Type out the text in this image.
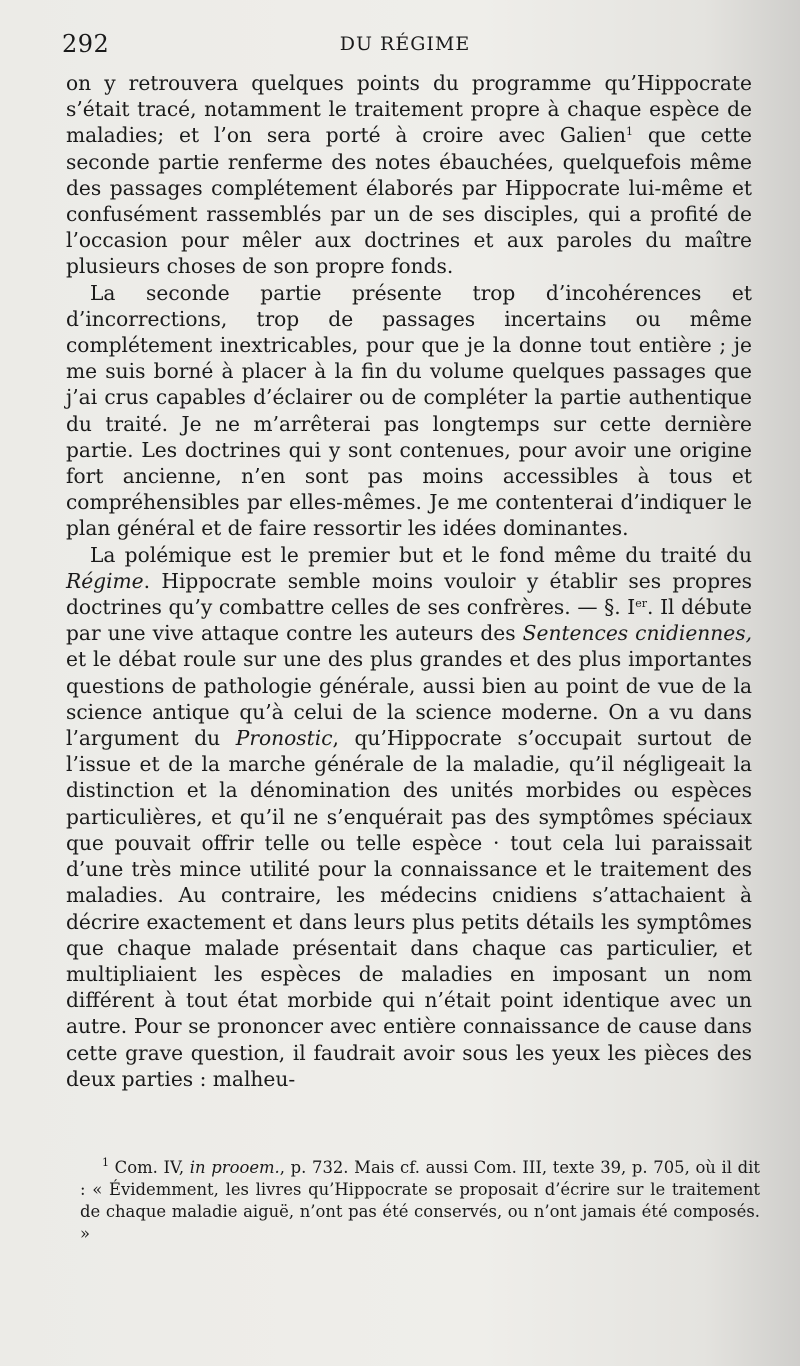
292	DU RÉGIME

on y retrouvera quelques points du programme qu’Hippocrate s’était tracé, notamment le traitement propre à chaque espèce de maladies; et l’on sera porté à croire avec Galien$^1$ que cette seconde partie renferme des notes ébauchées, quelquefois même des passages complétement élaborés par Hippocrate lui-même et confusément rassemblés par un de ses disciples, qui a profité de l’occasion pour mêler aux doctrines et aux paroles du maître plusieurs choses de son propre fonds.

La seconde partie présente trop d’incohérences et d’incorrections, trop de passages incertains ou même complétement inextricables, pour que je la donne tout entière ; je me suis borné à placer à la fin du volume quelques passages que j’ai crus capables d’éclairer ou de compléter la partie authentique du traité. Je ne m’arrêterai pas longtemps sur cette dernière partie. Les doctrines qui y sont contenues, pour avoir une origine fort ancienne, n’en sont pas moins accessibles à tous et compréhensibles par elles-mêmes. Je me contenterai d’indiquer le plan général et de faire ressortir les idées dominantes.

La polémique est le premier but et le fond même du traité du Régime. Hippocrate semble moins vouloir y établir ses propres doctrines qu’y combattre celles de ses confrères. — §. Ier. Il débute par une vive attaque contre les auteurs des Sentences cnidiennes, et le débat roule sur une des plus grandes et des plus importantes questions de pathologie générale, aussi bien au point de vue de la science antique qu’à celui de la science moderne. On a vu dans l’argument du Pronostic, qu’Hippocrate s’occupait surtout de l’issue et de la marche générale de la maladie, qu’il négligeait la distinction et la dénomination des unités morbides ou espèces particulières, et qu’il ne s’enquérait pas des symptômes spéciaux que pouvait offrir telle ou telle espèce · tout cela lui paraissait d’une très mince utilité pour la connaissance et le traitement des maladies. Au contraire, les médecins cnidiens s’attachaient à décrire exactement et dans leurs plus petits détails les symptômes que chaque malade présentait dans chaque cas particulier, et multipliaient les espèces de maladies en imposant un nom différent à tout état morbide qui n’était point identique avec un autre. Pour se prononcer avec entière connaissance de cause dans cette grave question, il faudrait avoir sous les yeux les pièces des deux parties : malheu-

$^1$ Com. IV, in prooem., p. 732. Mais cf. aussi Com. III, texte 39, p. 705, où il dit : « Évidemment, les livres qu’Hippocrate se proposait d’écrire sur le traitement de chaque maladie aiguë, n’ont pas été conservés, ou n’ont jamais été composés. »
